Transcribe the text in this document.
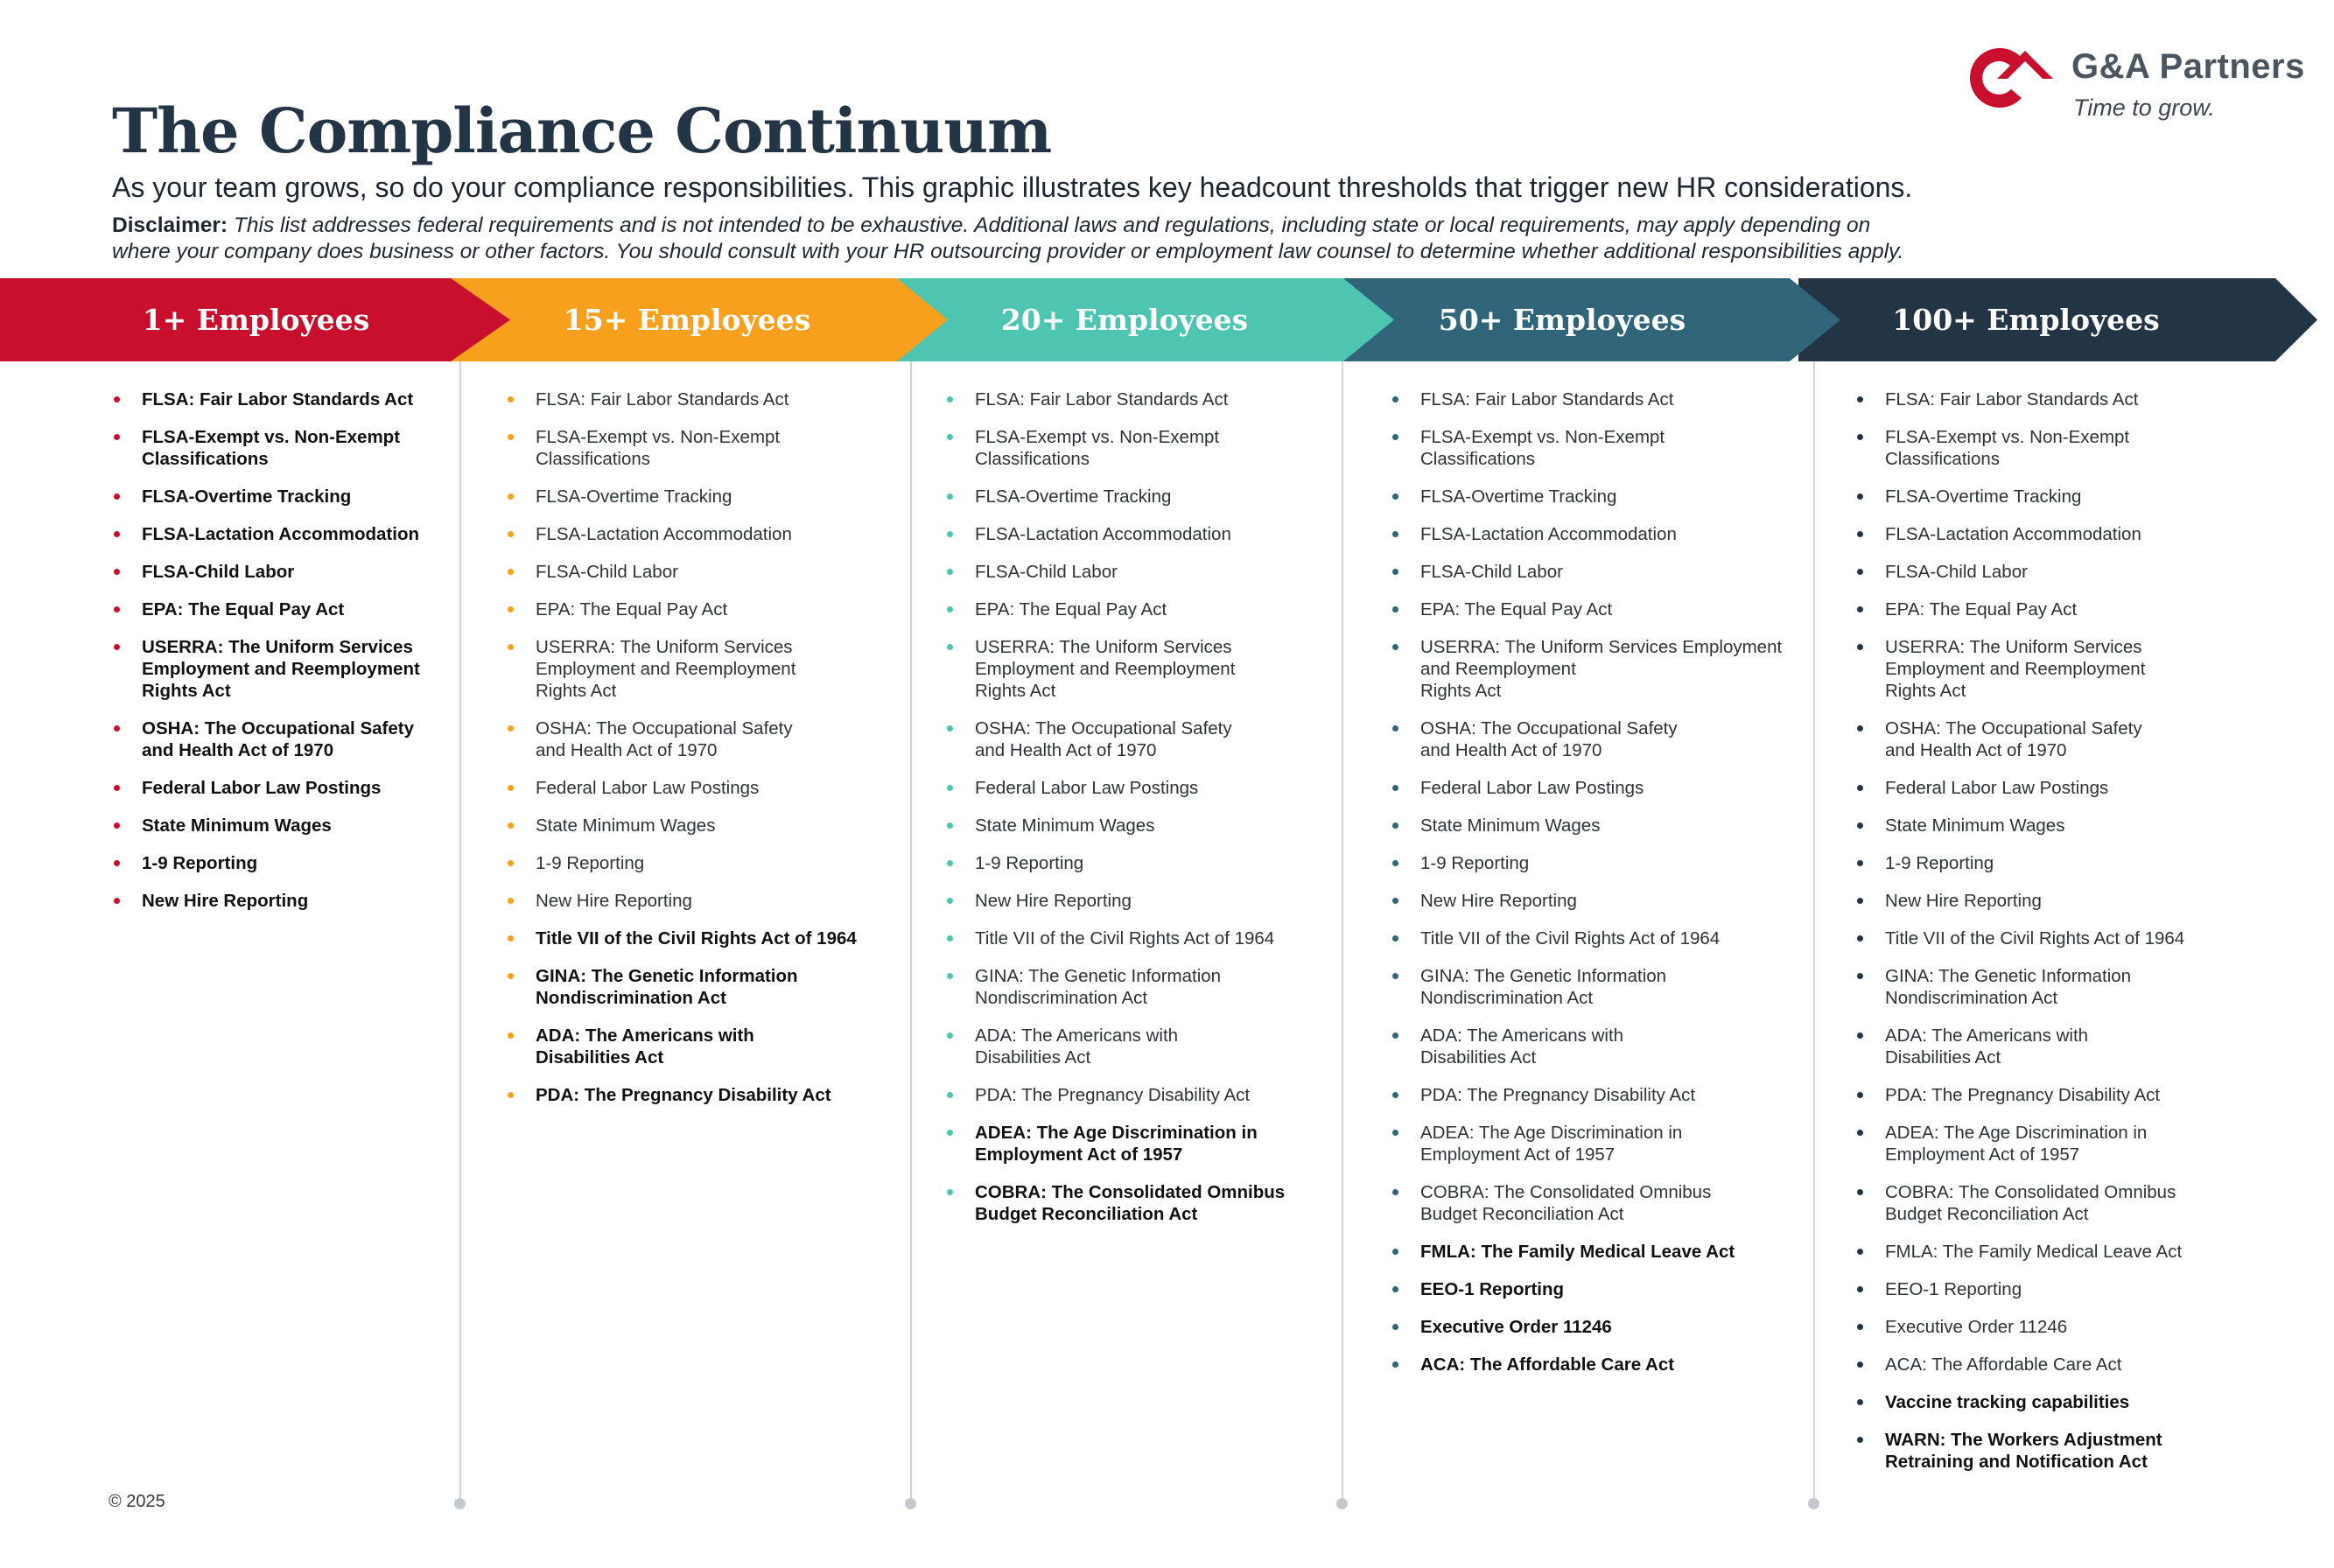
G&A Partners
Time to grow.
The Compliance Continuum
As your team grows, so do your compliance responsibilities. This graphic illustrates key headcount thresholds that trigger new HR considerations.
Disclaimer: This list addresses federal requirements and is not intended to be exhaustive. Additional laws and regulations, including state or local requirements, may apply depending on
where your company does business or other factors. You should consult with your HR outsourcing provider or employment law counsel to determine whether additional responsibilities apply.
1+ Employees	15+ Employees	20+ Employees	50+ Employees	100+ Employees
FLSA: Fair Labor Standards Act
FLSA-Exempt vs. Non-Exempt
Classifications
FLSA-Overtime Tracking
FLSA-Lactation Accommodation
FLSA-Child Labor
EPA: The Equal Pay Act
USERRA: The Uniform Services
Employment and Reemployment
Rights Act
OSHA: The Occupational Safety
and Health Act of 1970
Federal Labor Law Postings
State Minimum Wages
1-9 Reporting
New Hire Reporting
FLSA: Fair Labor Standards Act
FLSA-Exempt vs. Non-Exempt
Classifications
FLSA-Overtime Tracking
FLSA-Lactation Accommodation
FLSA-Child Labor
EPA: The Equal Pay Act
USERRA: The Uniform Services
Employment and Reemployment
Rights Act
OSHA: The Occupational Safety
and Health Act of 1970
Federal Labor Law Postings
State Minimum Wages
1-9 Reporting
New Hire Reporting
Title VII of the Civil Rights Act of 1964
GINA: The Genetic Information
Nondiscrimination Act
ADA: The Americans with
Disabilities Act
PDA: The Pregnancy Disability Act
FLSA: Fair Labor Standards Act
FLSA-Exempt vs. Non-Exempt
Classifications
FLSA-Overtime Tracking
FLSA-Lactation Accommodation
FLSA-Child Labor
EPA: The Equal Pay Act
USERRA: The Uniform Services
Employment and Reemployment
Rights Act
OSHA: The Occupational Safety
and Health Act of 1970
Federal Labor Law Postings
State Minimum Wages
1-9 Reporting
New Hire Reporting
Title VII of the Civil Rights Act of 1964
GINA: The Genetic Information
Nondiscrimination Act
ADA: The Americans with
Disabilities Act
PDA: The Pregnancy Disability Act
ADEA: The Age Discrimination in
Employment Act of 1957
COBRA: The Consolidated Omnibus
Budget Reconciliation Act
FLSA: Fair Labor Standards Act
FLSA-Exempt vs. Non-Exempt
Classifications
FLSA-Overtime Tracking
FLSA-Lactation Accommodation
FLSA-Child Labor
EPA: The Equal Pay Act
USERRA: The Uniform Services Employment
and Reemployment
Rights Act
OSHA: The Occupational Safety
and Health Act of 1970
Federal Labor Law Postings
State Minimum Wages
1-9 Reporting
New Hire Reporting
Title VII of the Civil Rights Act of 1964
GINA: The Genetic Information
Nondiscrimination Act
ADA: The Americans with
Disabilities Act
PDA: The Pregnancy Disability Act
ADEA: The Age Discrimination in
Employment Act of 1957
COBRA: The Consolidated Omnibus
Budget Reconciliation Act
FMLA: The Family Medical Leave Act
EEO-1 Reporting
Executive Order 11246
ACA: The Affordable Care Act
FLSA: Fair Labor Standards Act
FLSA-Exempt vs. Non-Exempt
Classifications
FLSA-Overtime Tracking
FLSA-Lactation Accommodation
FLSA-Child Labor
EPA: The Equal Pay Act
USERRA: The Uniform Services
Employment and Reemployment
Rights Act
OSHA: The Occupational Safety
and Health Act of 1970
Federal Labor Law Postings
State Minimum Wages
1-9 Reporting
New Hire Reporting
Title VII of the Civil Rights Act of 1964
GINA: The Genetic Information
Nondiscrimination Act
ADA: The Americans with
Disabilities Act
PDA: The Pregnancy Disability Act
ADEA: The Age Discrimination in
Employment Act of 1957
COBRA: The Consolidated Omnibus
Budget Reconciliation Act
FMLA: The Family Medical Leave Act
EEO-1 Reporting
Executive Order 11246
ACA: The Affordable Care Act
Vaccine tracking capabilities
WARN: The Workers Adjustment
Retraining and Notification Act
© 2025
